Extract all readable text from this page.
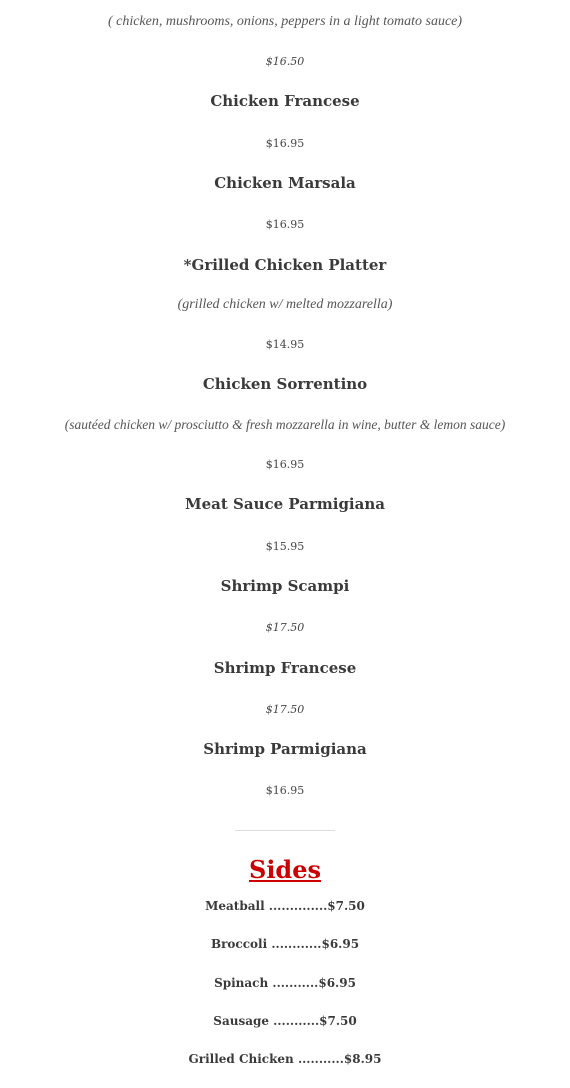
( chicken, mushrooms, onions, peppers in a light tomato sauce)
$16.50
Chicken Francese
$16.95
Chicken Marsala
$16.95
*Grilled Chicken Platter
(grilled chicken w/ melted mozzarella)
$14.95
Chicken Sorrentino
(sautéed chicken w/ prosciutto & fresh mozzarella in wine, butter & lemon sauce)
$16.95
Meat Sauce Parmigiana
$15.95
Shrimp Scampi
$17.50
Shrimp Francese
$17.50
Shrimp Parmigiana
$16.95
Sides
Meatball ..............$7.50
Broccoli ............$6.95
Spinach ...........$6.95
Sausage ...........$7.50
Grilled Chicken ...........$8.95
